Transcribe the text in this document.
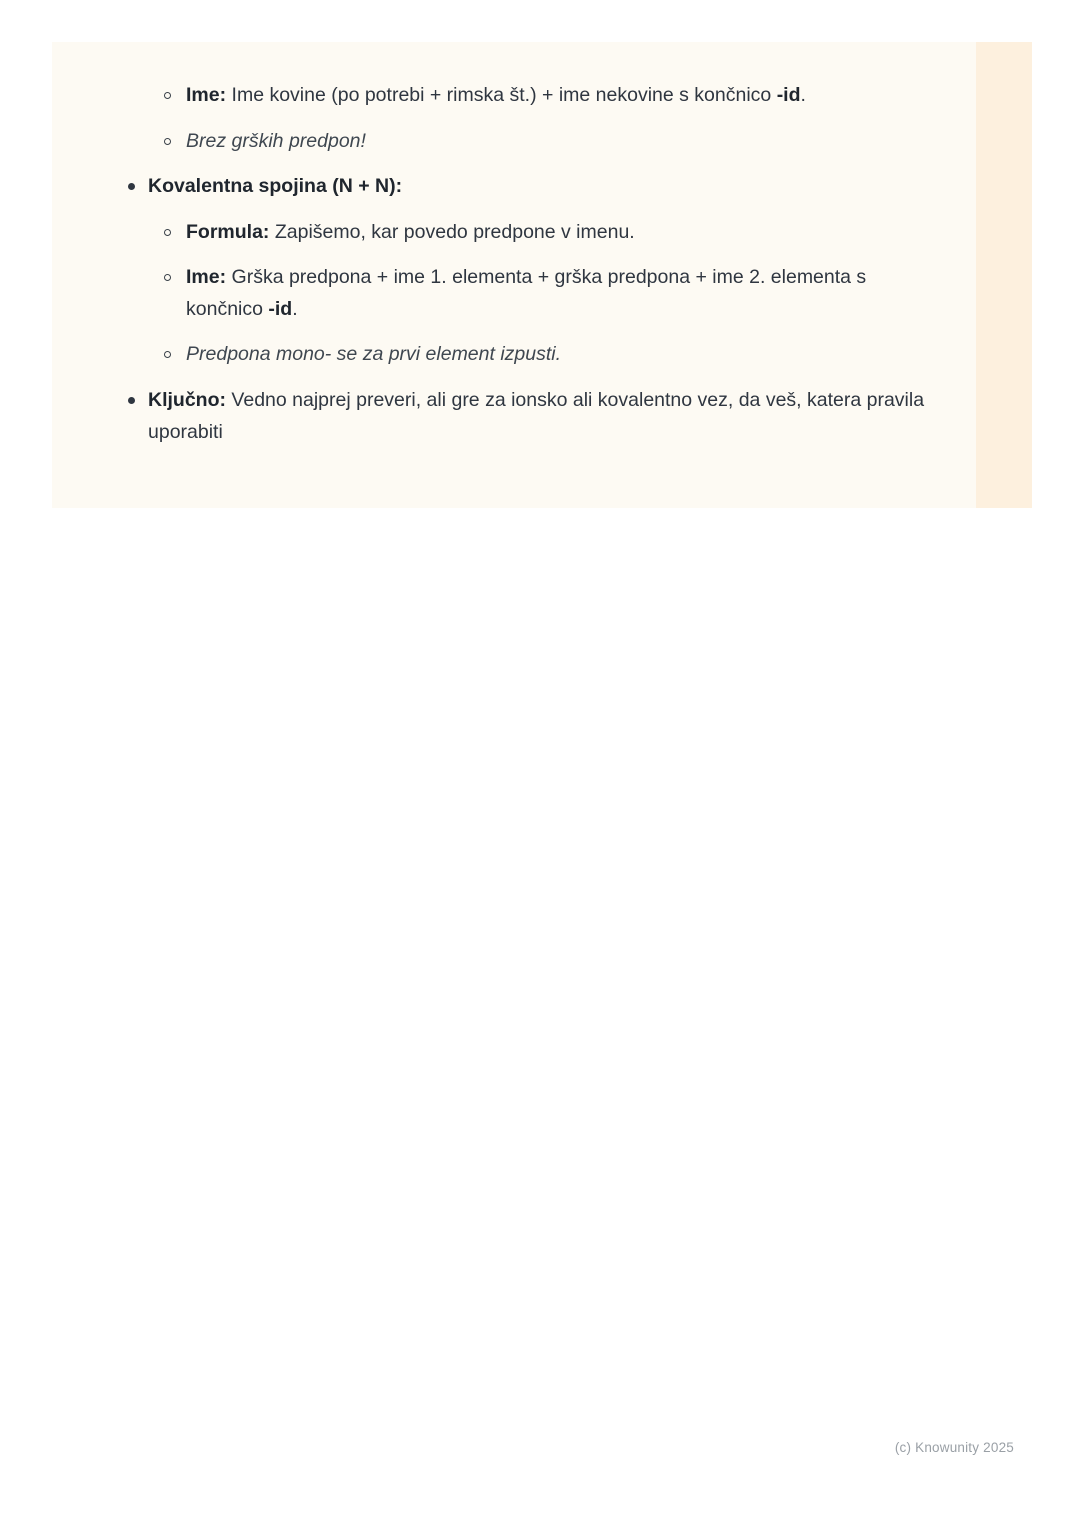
Ime: Ime kovine (po potrebi + rimska št.) + ime nekovine s končnico -id.
Brez grških predpon!
Kovalentna spojina (N + N):
Formula: Zapišemo, kar povedo predpone v imenu.
Ime: Grška predpona + ime 1. elementa + grška predpona + ime 2. elementa s končnico -id.
Predpona mono- se za prvi element izpusti.
Ključno: Vedno najprej preveri, ali gre za ionsko ali kovalentno vez, da veš, katera pravila uporabiti
(c) Knowunity 2025
